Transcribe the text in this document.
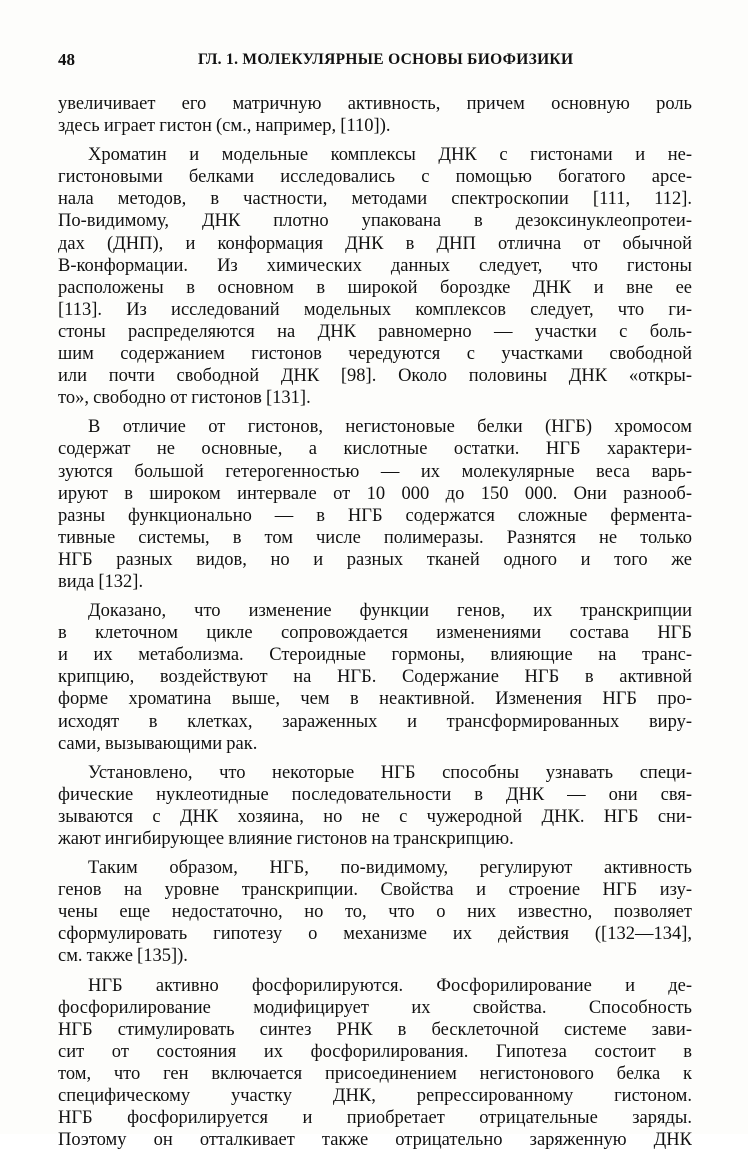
48	ГЛ. 1. МОЛЕКУЛЯРНЫЕ ОСНОВЫ БИОФИЗИКИ
увеличивает его матричную активность, причем основную роль
здесь играет гистон (см., например, [110]).
Хроматин и модельные комплексы ДНК с гистонами и не-
гистоновыми белками исследовались с помощью богатого арсе-
нала методов, в частности, методами спектроскопии [111, 112].
По-видимому, ДНК плотно упакована в дезоксинуклеопротеи-
дах (ДНП), и конформация ДНК в ДНП отлична от обычной
B-конформации. Из химических данных следует, что гистоны
расположены в основном в широкой бороздке ДНК и вне ее
[113]. Из исследований модельных комплексов следует, что ги-
стоны распределяются на ДНК равномерно — участки с боль-
шим содержанием гистонов чередуются с участками свободной
или почти свободной ДНК [98]. Около половины ДНК «откры-
то», свободно от гистонов [131].
В отличие от гистонов, негистоновые белки (НГБ) хромосом
содержат не основные, а кислотные остатки. НГБ характери-
зуются большой гетерогенностью — их молекулярные веса варь-
ируют в широком интервале от 10 000 до 150 000. Они разнооб-
разны функционально — в НГБ содержатся сложные фермента-
тивные системы, в том числе полимеразы. Разнятся не только
НГБ разных видов, но и разных тканей одного и того же
вида [132].
Доказано, что изменение функции генов, их транскрипции
в клеточном цикле сопровождается изменениями состава НГБ
и их метаболизма. Стероидные гормоны, влияющие на транс-
крипцию, воздействуют на НГБ. Содержание НГБ в активной
форме хроматина выше, чем в неактивной. Изменения НГБ про-
исходят в клетках, зараженных и трансформированных виру-
сами, вызывающими рак.
Установлено, что некоторые НГБ способны узнавать специ-
фические нуклеотидные последовательности в ДНК — они свя-
зываются с ДНК хозяина, но не с чужеродной ДНК. НГБ сни-
жают ингибирующее влияние гистонов на транскрипцию.
Таким образом, НГБ, по-видимому, регулируют активность
генов на уровне транскрипции. Свойства и строение НГБ изу-
чены еще недостаточно, но то, что о них известно, позволяет
сформулировать гипотезу о механизме их действия ([132—134],
см. также [135]).
НГБ активно фосфорилируются. Фосфорилирование и де-
фосфорилирование модифицирует их свойства. Способность
НГБ стимулировать синтез РНК в бесклеточной системе зави-
сит от состояния их фосфорилирования. Гипотеза состоит в
том, что ген включается присоединением негистонового белка к
специфическому участку ДНК, репрессированному гистоном.
НГБ фосфорилируется и приобретает отрицательные заряды.
Поэтому он отталкивает также отрицательно заряженную ДНК
